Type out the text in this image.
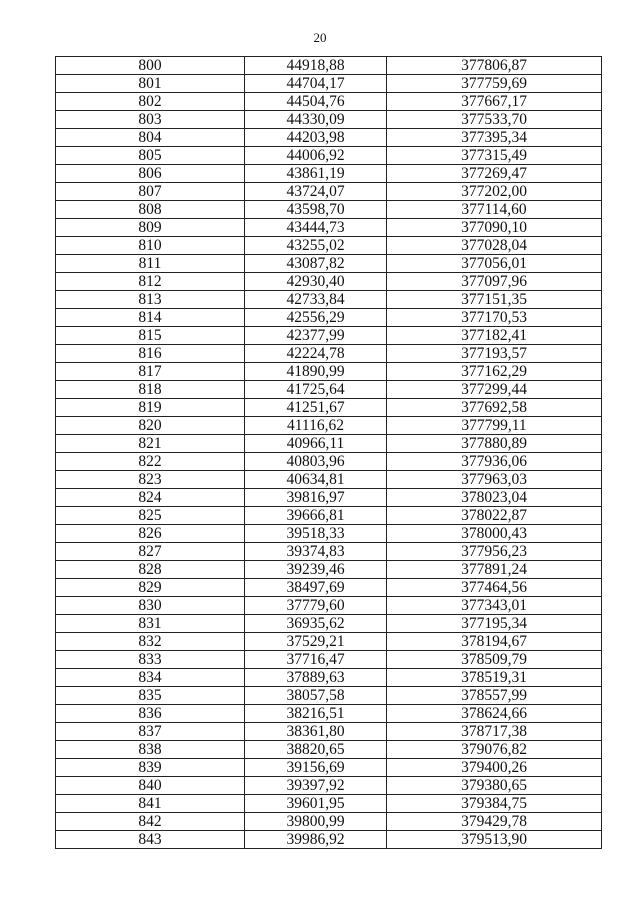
20
800	44918,88	377806,87
801	44704,17	377759,69
802	44504,76	377667,17
803	44330,09	377533,70
804	44203,98	377395,34
805	44006,92	377315,49
806	43861,19	377269,47
807	43724,07	377202,00
808	43598,70	377114,60
809	43444,73	377090,10
810	43255,02	377028,04
811	43087,82	377056,01
812	42930,40	377097,96
813	42733,84	377151,35
814	42556,29	377170,53
815	42377,99	377182,41
816	42224,78	377193,57
817	41890,99	377162,29
818	41725,64	377299,44
819	41251,67	377692,58
820	41116,62	377799,11
821	40966,11	377880,89
822	40803,96	377936,06
823	40634,81	377963,03
824	39816,97	378023,04
825	39666,81	378022,87
826	39518,33	378000,43
827	39374,83	377956,23
828	39239,46	377891,24
829	38497,69	377464,56
830	37779,60	377343,01
831	36935,62	377195,34
832	37529,21	378194,67
833	37716,47	378509,79
834	37889,63	378519,31
835	38057,58	378557,99
836	38216,51	378624,66
837	38361,80	378717,38
838	38820,65	379076,82
839	39156,69	379400,26
840	39397,92	379380,65
841	39601,95	379384,75
842	39800,99	379429,78
843	39986,92	379513,90
